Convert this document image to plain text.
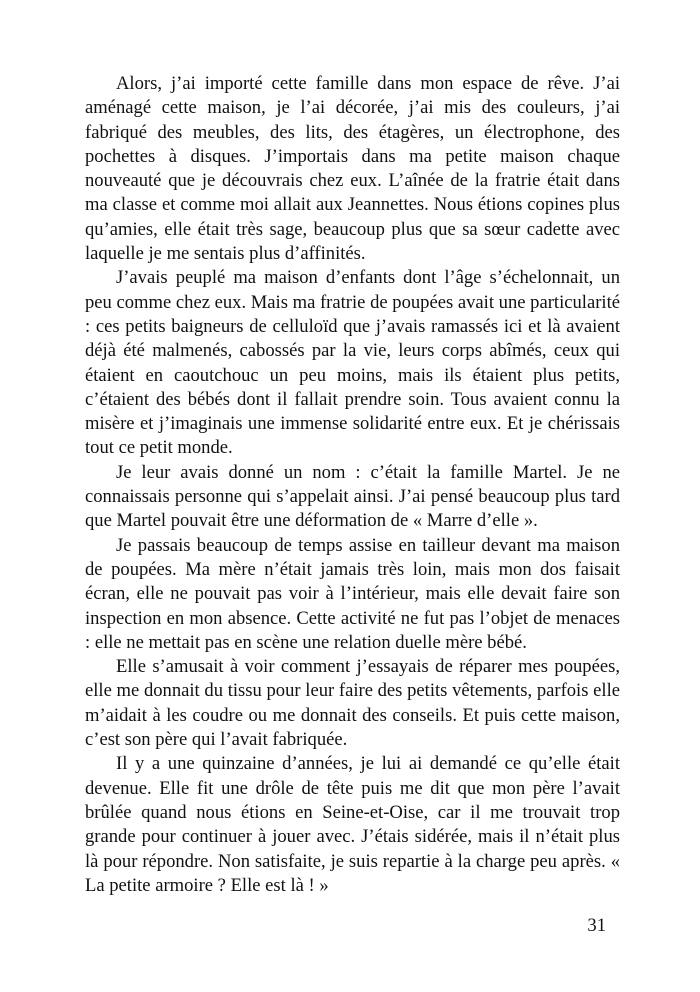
Alors, j’ai importé cette famille dans mon espace de rêve. J’ai aménagé cette maison, je l’ai décorée, j’ai mis des couleurs, j’ai fabriqué des meubles, des lits, des étagères, un électrophone, des pochettes à disques. J’importais dans ma petite maison chaque nouveauté que je découvrais chez eux. L’aînée de la fratrie était dans ma classe et comme moi allait aux Jeannettes. Nous étions copines plus qu’amies, elle était très sage, beaucoup plus que sa sœur cadette avec laquelle je me sentais plus d’affinités.

J’avais peuplé ma maison d’enfants dont l’âge s’échelonnait, un peu comme chez eux. Mais ma fratrie de poupées avait une particularité : ces petits baigneurs de celluloïd que j’avais ramassés ici et là avaient déjà été malmenés, cabossés par la vie, leurs corps abîmés, ceux qui étaient en caoutchouc un peu moins, mais ils étaient plus petits, c’étaient des bébés dont il fallait prendre soin. Tous avaient connu la misère et j’imaginais une immense solidarité entre eux. Et je chérissais tout ce petit monde.

Je leur avais donné un nom : c’était la famille Martel. Je ne connaissais personne qui s’appelait ainsi. J’ai pensé beaucoup plus tard que Martel pouvait être une déformation de « Marre d’elle ».

Je passais beaucoup de temps assise en tailleur devant ma maison de poupées. Ma mère n’était jamais très loin, mais mon dos faisait écran, elle ne pouvait pas voir à l’intérieur, mais elle devait faire son inspection en mon absence. Cette activité ne fut pas l’objet de menaces : elle ne mettait pas en scène une relation duelle mère bébé.

Elle s’amusait à voir comment j’essayais de réparer mes poupées, elle me donnait du tissu pour leur faire des petits vêtements, parfois elle m’aidait à les coudre ou me donnait des conseils. Et puis cette maison, c’est son père qui l’avait fabriquée.

Il y a une quinzaine d’années, je lui ai demandé ce qu’elle était devenue. Elle fit une drôle de tête puis me dit que mon père l’avait brûlée quand nous étions en Seine-et-Oise, car il me trouvait trop grande pour continuer à jouer avec. J’étais sidérée, mais il n’était plus là pour répondre. Non satisfaite, je suis repartie à la charge peu après. « La petite armoire ? Elle est là ! »

31
